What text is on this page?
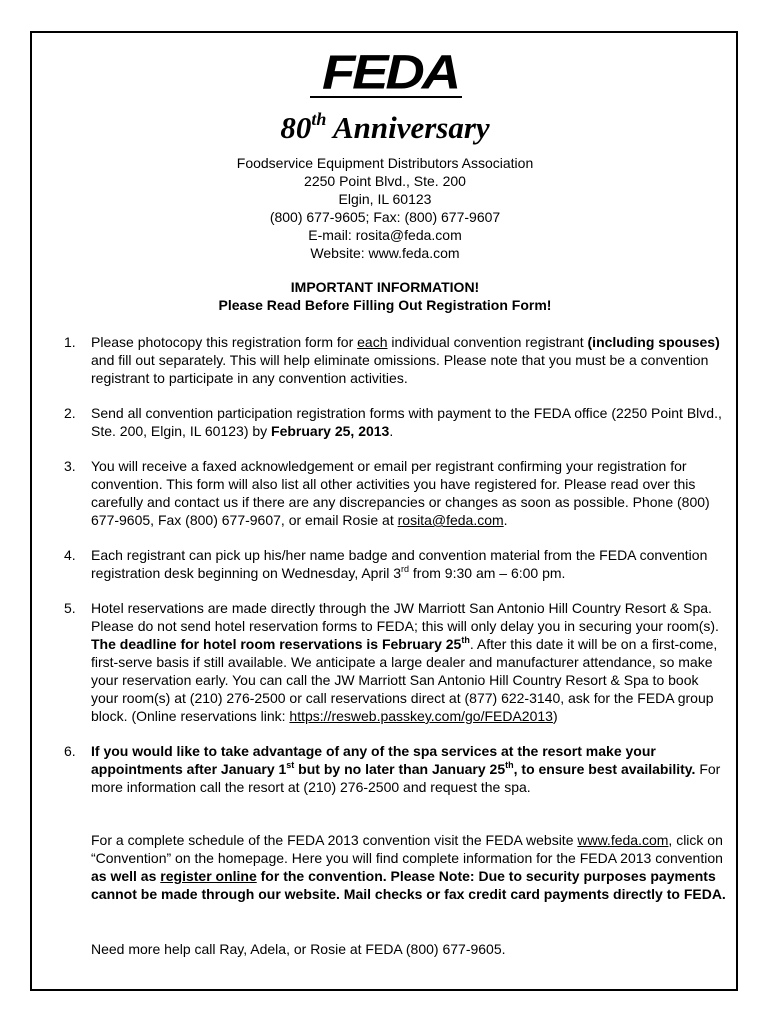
FEDA
80th Anniversary
Foodservice Equipment Distributors Association
2250 Point Blvd., Ste. 200
Elgin, IL 60123
(800) 677-9605; Fax: (800) 677-9607
E-mail: rosita@feda.com
Website: www.feda.com
IMPORTANT INFORMATION!
Please Read Before Filling Out Registration Form!
1. Please photocopy this registration form for each individual convention registrant (including spouses) and fill out separately. This will help eliminate omissions. Please note that you must be a convention registrant to participate in any convention activities.
2. Send all convention participation registration forms with payment to the FEDA office (2250 Point Blvd., Ste. 200, Elgin, IL 60123) by February 25, 2013.
3. You will receive a faxed acknowledgement or email per registrant confirming your registration for convention. This form will also list all other activities you have registered for. Please read over this carefully and contact us if there are any discrepancies or changes as soon as possible. Phone (800) 677-9605, Fax (800) 677-9607, or email Rosie at rosita@feda.com.
4. Each registrant can pick up his/her name badge and convention material from the FEDA convention registration desk beginning on Wednesday, April 3rd from 9:30 am – 6:00 pm.
5. Hotel reservations are made directly through the JW Marriott San Antonio Hill Country Resort & Spa. Please do not send hotel reservation forms to FEDA; this will only delay you in securing your room(s). The deadline for hotel room reservations is February 25th. After this date it will be on a first-come, first-serve basis if still available. We anticipate a large dealer and manufacturer attendance, so make your reservation early. You can call the JW Marriott San Antonio Hill Country Resort & Spa to book your room(s) at (210) 276-2500 or call reservations direct at (877) 622-3140, ask for the FEDA group block. (Online reservations link: https://resweb.passkey.com/go/FEDA2013)
6. If you would like to take advantage of any of the spa services at the resort make your appointments after January 1st but by no later than January 25th, to ensure best availability. For more information call the resort at (210) 276-2500 and request the spa.
For a complete schedule of the FEDA 2013 convention visit the FEDA website www.feda.com, click on “Convention” on the homepage. Here you will find complete information for the FEDA 2013 convention as well as register online for the convention. Please Note: Due to security purposes payments cannot be made through our website. Mail checks or fax credit card payments directly to FEDA.
Need more help call Ray, Adela, or Rosie at FEDA (800) 677-9605.
